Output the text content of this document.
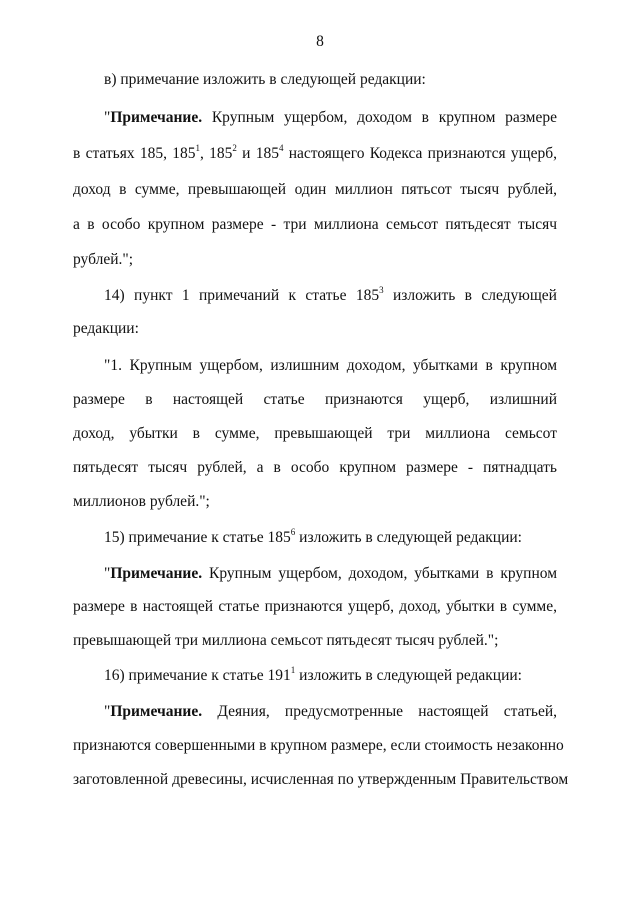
8
в) примечание изложить в следующей редакции:
"Примечание. Крупным ущербом, доходом в крупном размере
в статьях 185, $185^1$, $185^2$ и $185^4$ настоящего Кодекса признаются ущерб,
доход в сумме, превышающей один миллион пятьсот тысяч рублей,
а в особо крупном размере - три миллиона семьсот пятьдесят тысяч
рублей.";
14) пункт 1 примечаний к статье $185^3$ изложить в следующей
редакции:
"1. Крупным ущербом, излишним доходом, убытками в крупном
размере в настоящей статье признаются ущерб, излишний
доход, убытки в сумме, превышающей три миллиона семьсот
пятьдесят тысяч рублей, а в особо крупном размере - пятнадцать
миллионов рублей.";
15) примечание к статье $185^6$ изложить в следующей редакции:
"Примечание. Крупным ущербом, доходом, убытками в крупном
размере в настоящей статье признаются ущерб, доход, убытки в сумме,
превышающей три миллиона семьсот пятьдесят тысяч рублей.";
16) примечание к статье $191^1$ изложить в следующей редакции:
"Примечание. Деяния, предусмотренные настоящей статьей,
признаются совершенными в крупном размере, если стоимость незаконно
заготовленной древесины, исчисленная по утвержденным Правительством
